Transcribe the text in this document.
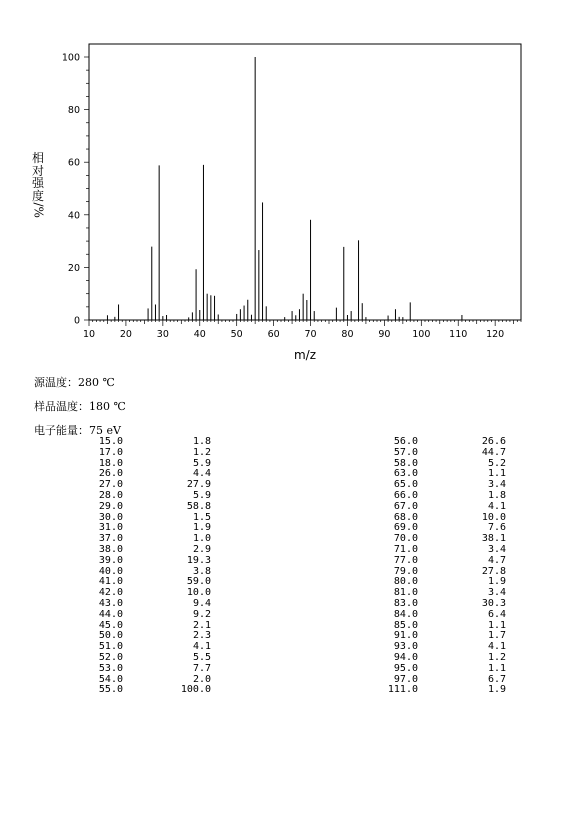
10	20	30	40	50	60	70	80	90 100 110 120
0
20
40
60
80
100
m/z
相
对
强
度
/%
源温度：280 ℃
样品温度：180 ℃
电子能量：75 eV
15.0	1.8
17.0	1.2
18.0	5.9
26.0	4.4
27.0	27.9
28.0	5.9
29.0	58.8
30.0	1.5
31.0	1.9
37.0	1.0
38.0	2.9
39.0	19.3
40.0	3.8
41.0	59.0
42.0	10.0
43.0	9.4
44.0	9.2
45.0	2.1
50.0	2.3
51.0	4.1
52.0	5.5
53.0	7.7
54.0	2.0
55.0	100.0
56.0	26.6
57.0	44.7
58.0	5.2
63.0	1.1
65.0	3.4
66.0	1.8
67.0	4.1
68.0	10.0
69.0	7.6
70.0	38.1
71.0	3.4
77.0	4.7
79.0	27.8
80.0	1.9
81.0	3.4
83.0	30.3
84.0	6.4
85.0	1.1
91.0	1.7
93.0	4.1
94.0	1.2
95.0	1.1
97.0	6.7
111.0	1.9
